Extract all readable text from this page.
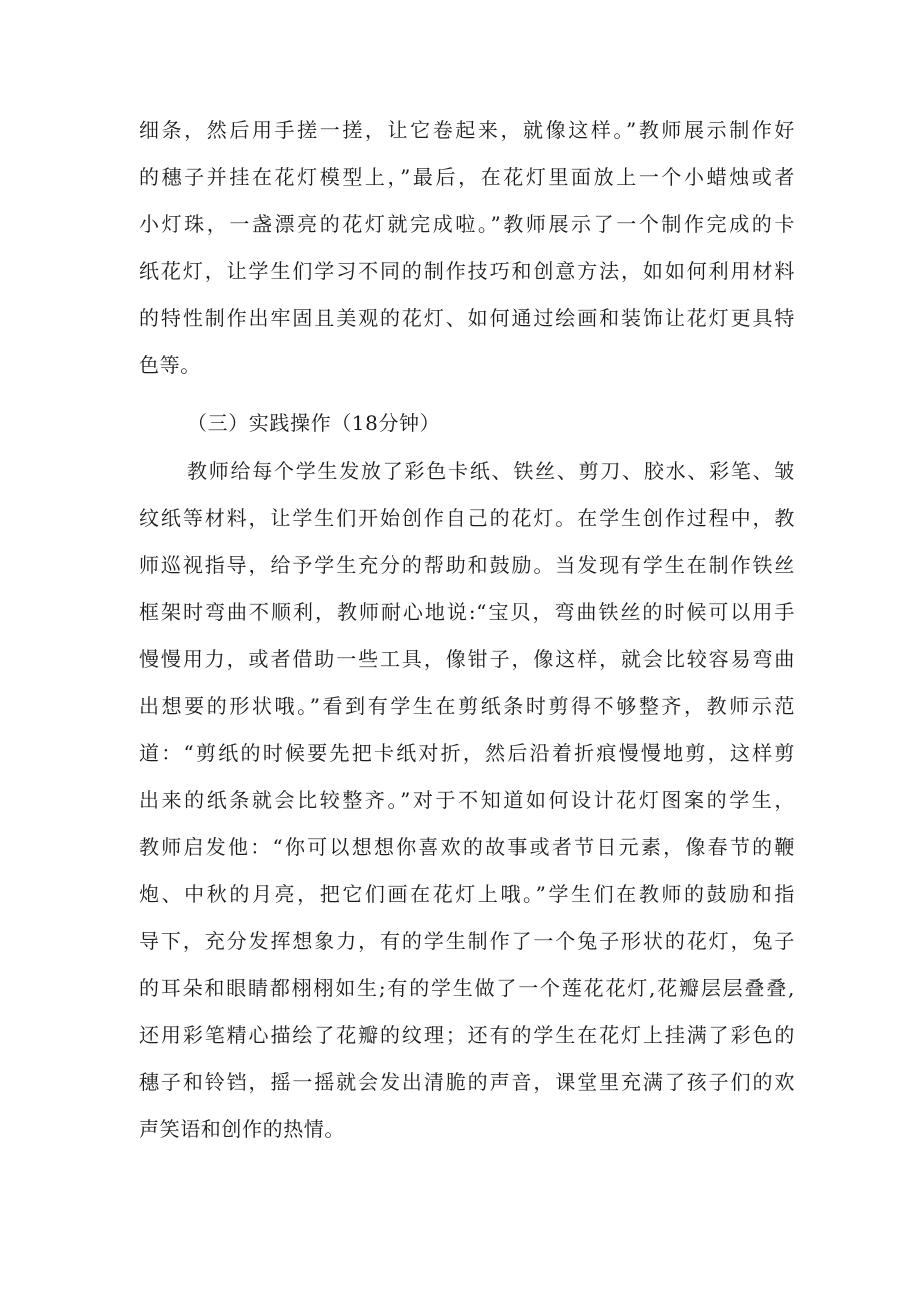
细条，然后用手搓一搓，让它卷起来，就像这样。”教师展示制作好
的穗子并挂在花灯模型上，”最后，在花灯里面放上一个小蜡烛或者
小灯珠，一盏漂亮的花灯就完成啦。”教师展示了一个制作完成的卡
纸花灯，让学生们学习不同的制作技巧和创意方法，如如何利用材料
的特性制作出牢固且美观的花灯、如何通过绘画和装饰让花灯更具特
色等。
（三）实践操作（18分钟）
教师给每个学生发放了彩色卡纸、铁丝、剪刀、胶水、彩笔、皱
纹纸等材料，让学生们开始创作自己的花灯。在学生创作过程中，教
师巡视指导，给予学生充分的帮助和鼓励。当发现有学生在制作铁丝
框架时弯曲不顺利，教师耐心地说:“宝贝，弯曲铁丝的时候可以用手
慢慢用力，或者借助一些工具，像钳子，像这样，就会比较容易弯曲
出想要的形状哦。”看到有学生在剪纸条时剪得不够整齐，教师示范
道：“剪纸的时候要先把卡纸对折，然后沿着折痕慢慢地剪，这样剪
出来的纸条就会比较整齐。”对于不知道如何设计花灯图案的学生，
教师启发他：“你可以想想你喜欢的故事或者节日元素，像春节的鞭
炮、中秋的月亮，把它们画在花灯上哦。”学生们在教师的鼓励和指
导下，充分发挥想象力，有的学生制作了一个兔子形状的花灯，兔子
的耳朵和眼睛都栩栩如生;有的学生做了一个莲花花灯,花瓣层层叠叠,
还用彩笔精心描绘了花瓣的纹理；还有的学生在花灯上挂满了彩色的
穗子和铃铛，摇一摇就会发出清脆的声音，课堂里充满了孩子们的欢
声笑语和创作的热情。
